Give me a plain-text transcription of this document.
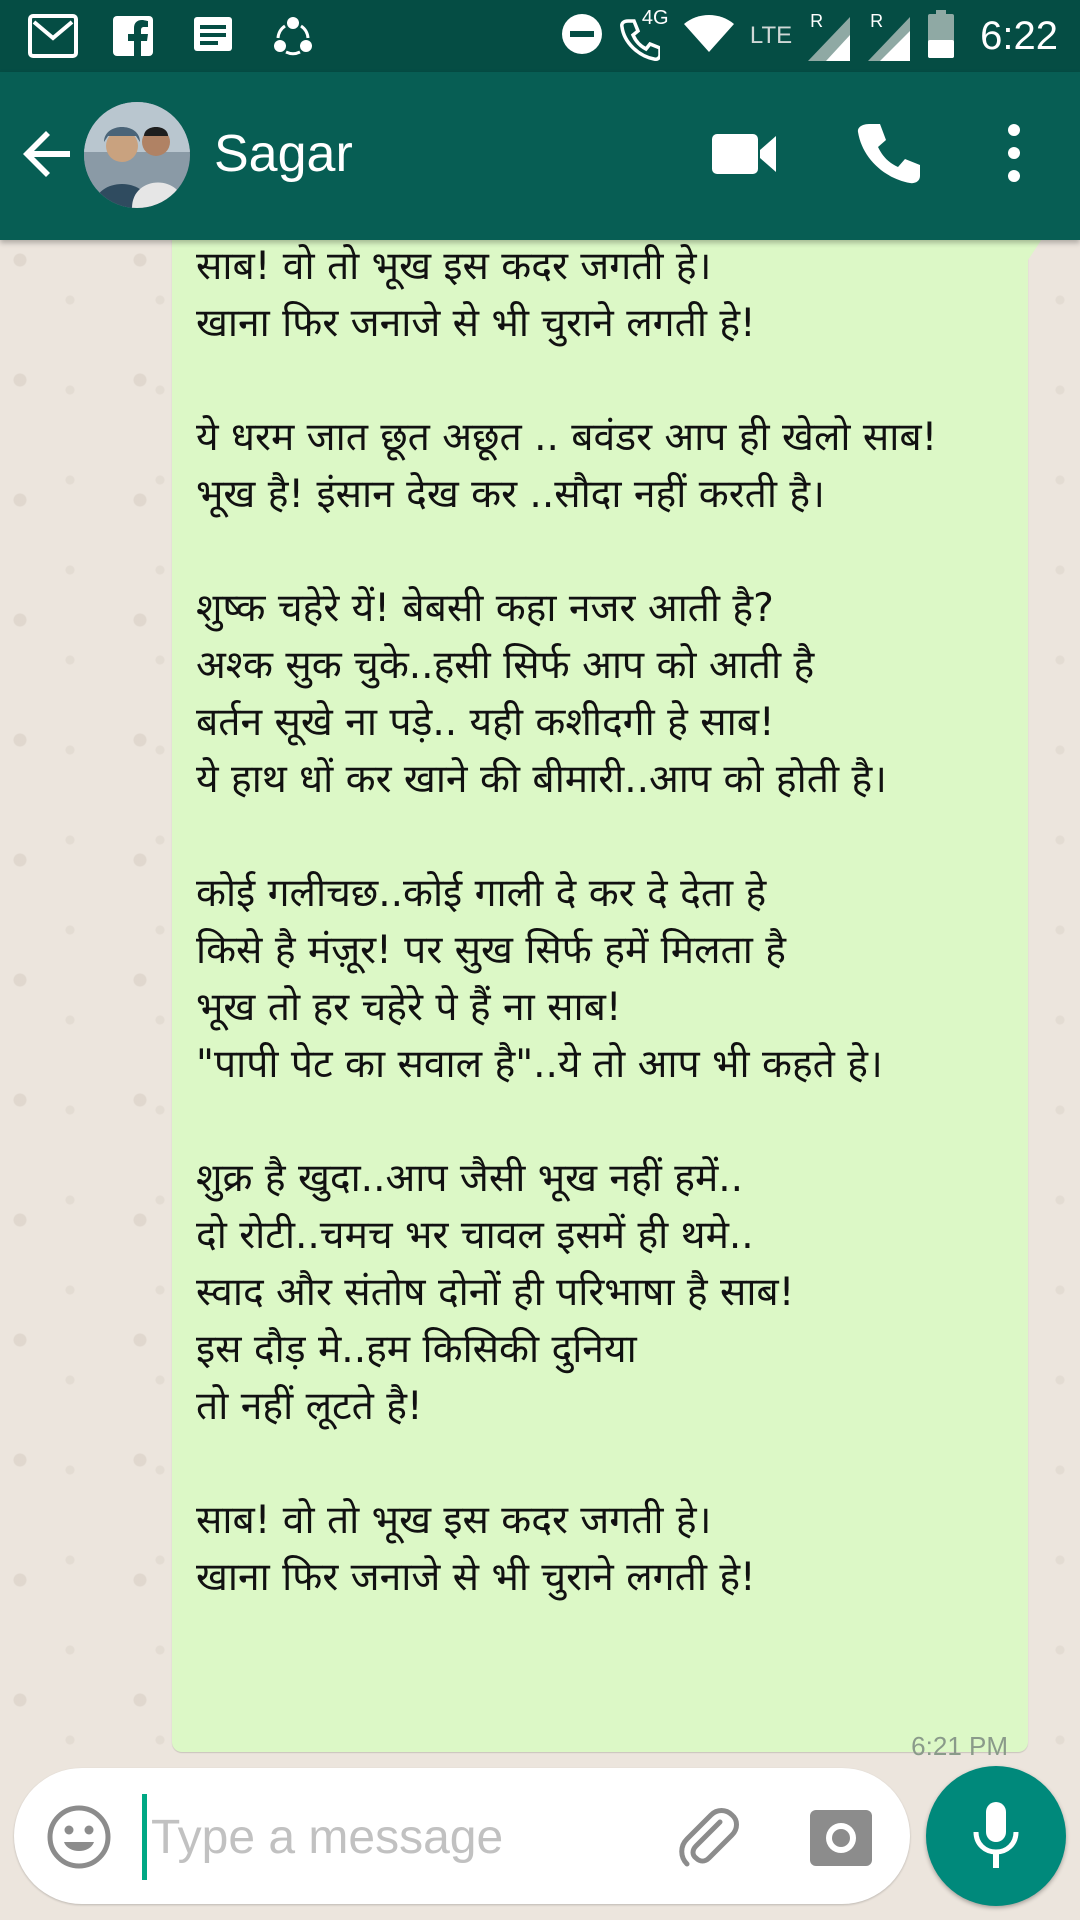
4G
LTE
R	R 6:22
Sagar
साब! वो तो भूख इस कदर जगती हे।
खाना फिर जनाजे से भी चुराने लगती हे!

ये धरम जात छूत अछूत .. बवंडर आप ही खेलो साब!
भूख है! इंसान देख कर ..सौदा नहीं करती है।

शुष्क चहेरे यें! बेबसी कहा नजर आती है?
अश्क सुक चुके..हसी सिर्फ आप को आती है
बर्तन सूखे ना पड़े.. यही कशीदगी हे साब!
ये हाथ धों कर खाने की बीमारी..आप को होती है।

कोई गलीचछ..कोई गाली दे कर दे देता हे
किसे है मंज़ूर! पर सुख सिर्फ हमें मिलता है
भूख तो हर चहेरे पे हैं ना साब!
"पापी पेट का सवाल है"..ये तो आप भी कहते हे।

शुक्र है खुदा..आप जैसी भूख नहीं हमें..
दो रोटी..चमच भर चावल इसमें ही थमे..
स्वाद और संतोष दोनों ही परिभाषा है साब!
इस दौड़ मे..हम किसिकी दुनिया
तो नहीं लूटते है!

साब! वो तो भूख इस कदर जगती हे।
खाना फिर जनाजे से भी चुराने लगती हे!
6:21 PM
Type a message
